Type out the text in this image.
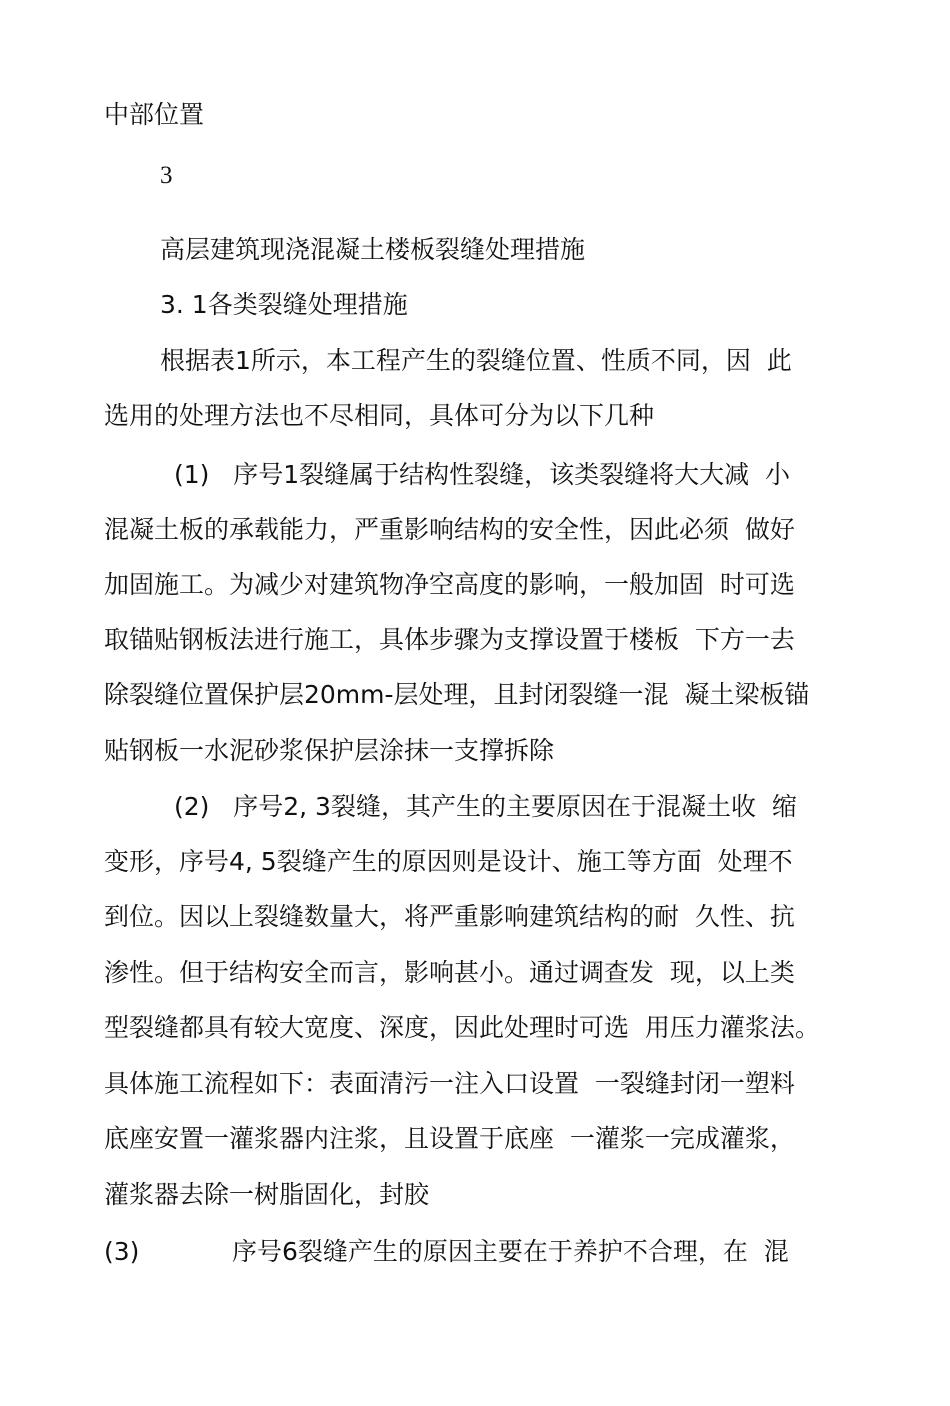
中部位置
3
高层建筑现浇混凝土楼板裂缝处理措施
3. 1各类裂缝处理措施
根据表1所示，本工程产生的裂缝位置、性质不同，因  此
选用的处理方法也不尽相同，具体可分为以下几种
(1)   序号1裂缝属于结构性裂缝，该类裂缝将大大减  小
混凝土板的承载能力，严重影响结构的安全性，因此必须  做好
加固施工。为减少对建筑物净空高度的影响，一般加固  时可选
取锚贴钢板法进行施工，具体步骤为支撑设置于楼板  下方一去
除裂缝位置保护层20mm-层处理，且封闭裂缝一混  凝土梁板锚
贴钢板一水泥砂浆保护层涂抹一支撑拆除
(2)   序号2, 3裂缝，其产生的主要原因在于混凝土收  缩
变形，序号4, 5裂缝产生的原因则是设计、施工等方面  处理不
到位。因以上裂缝数量大，将严重影响建筑结构的耐  久性、抗
渗性。但于结构安全而言，影响甚小。通过调查发  现，以上类
型裂缝都具有较大宽度、深度，因此处理时可选  用压力灌浆法。
具体施工流程如下：表面清污一注入口设置  一裂缝封闭一塑料
底座安置一灌浆器内注浆，且设置于底座  一灌浆一完成灌浆，
灌浆器去除一树脂固化，封胶
(3)	序号6裂缝产生的原因主要在于养护不合理，在  混
